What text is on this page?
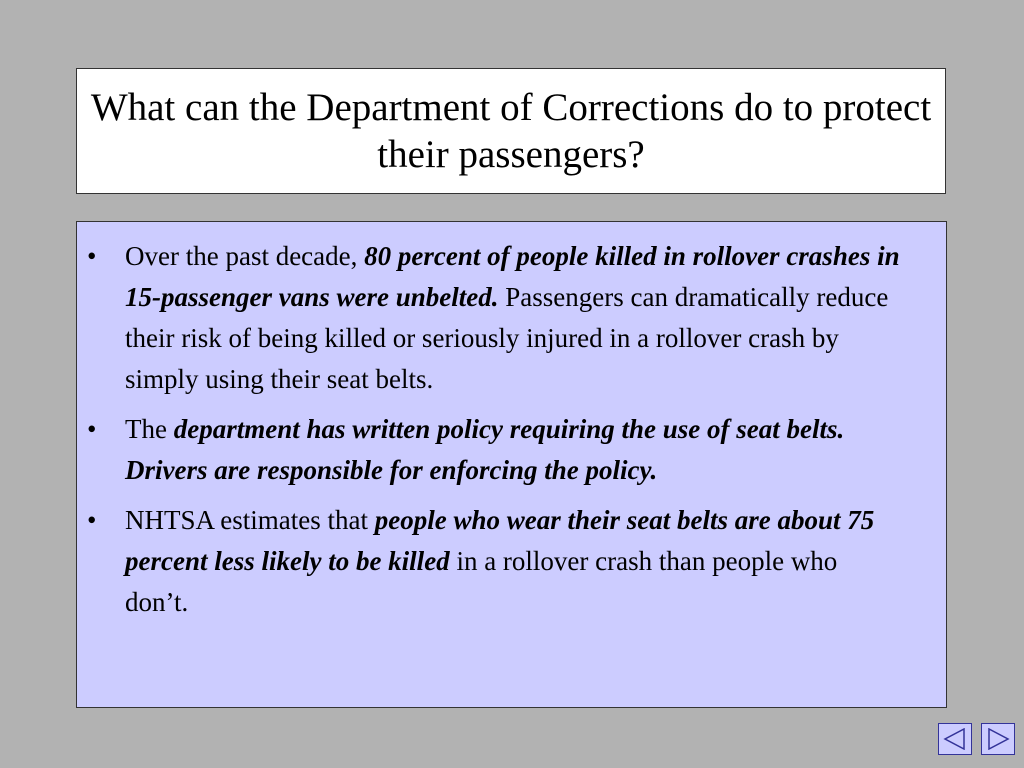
What can the Department of Corrections do to protect their passengers?
• Over the past decade, 80 percent of people killed in rollover crashes in 15-passenger vans were unbelted. Passengers can dramatically reduce their risk of being killed or seriously injured in a rollover crash by simply using their seat belts.
• The department has written policy requiring the use of seat belts. Drivers are responsible for enforcing the policy.
• NHTSA estimates that people who wear their seat belts are about 75 percent less likely to be killed in a rollover crash than people who don’t.
